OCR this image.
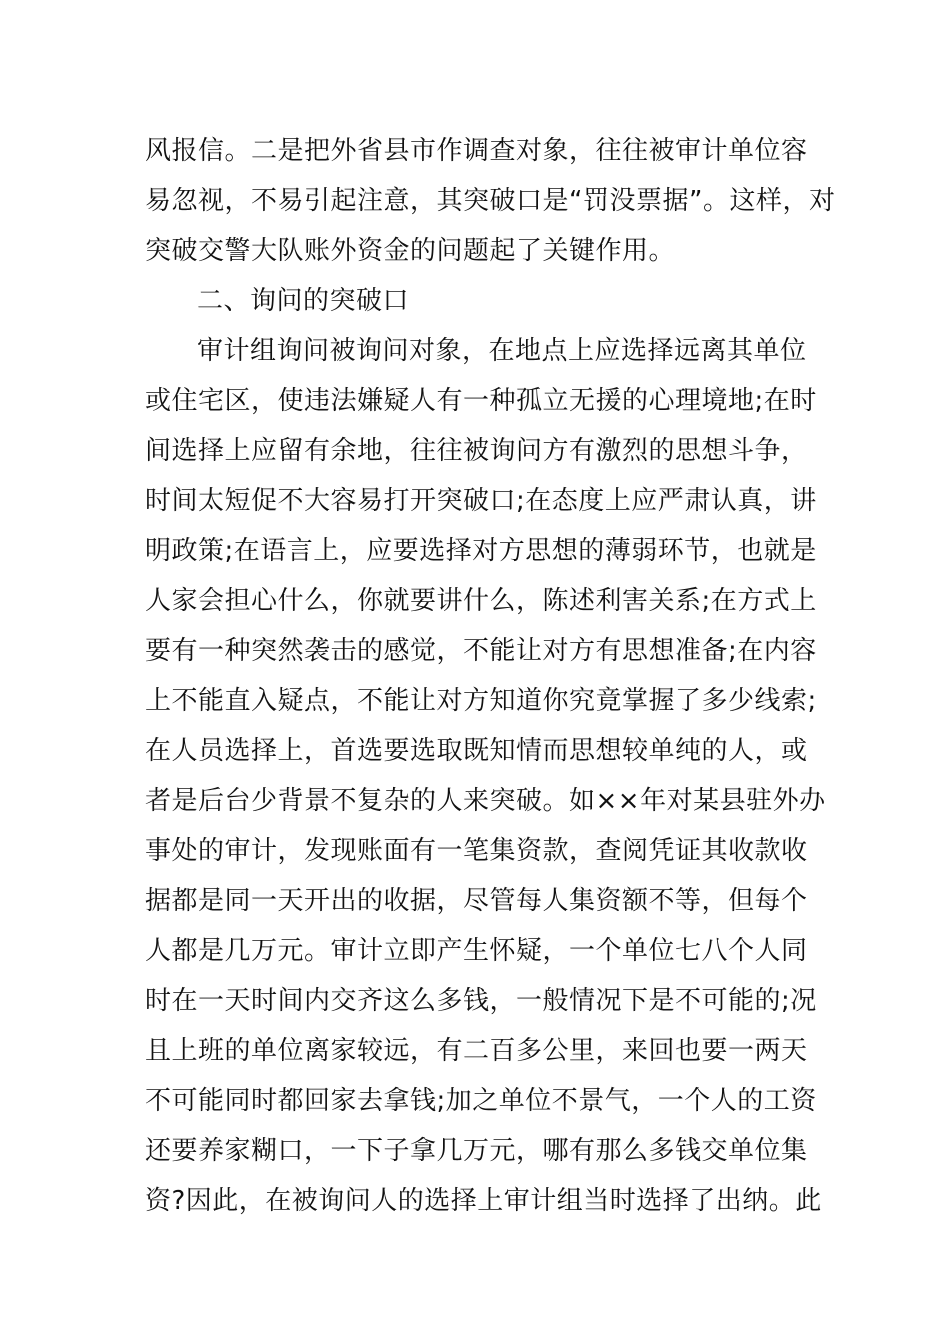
风报信。二是把外省县市作调查对象，往往被审计单位容
易忽视，不易引起注意，其突破口是“罚没票据”。这样，对
突破交警大队账外资金的问题起了关键作用。
二、询问的突破口
审计组询问被询问对象，在地点上应选择远离其单位
或住宅区，使违法嫌疑人有一种孤立无援的心理境地;在时
间选择上应留有余地，往往被询问方有激烈的思想斗争，
时间太短促不大容易打开突破口;在态度上应严肃认真，讲
明政策;在语言上，应要选择对方思想的薄弱环节，也就是
人家会担心什么，你就要讲什么，陈述利害关系;在方式上
要有一种突然袭击的感觉，不能让对方有思想准备;在内容
上不能直入疑点，不能让对方知道你究竟掌握了多少线索;
在人员选择上，首选要选取既知情而思想较单纯的人，或
者是后台少背景不复杂的人来突破。如××年对某县驻外办
事处的审计，发现账面有一笔集资款，查阅凭证其收款收
据都是同一天开出的收据，尽管每人集资额不等，但每个
人都是几万元。审计立即产生怀疑，一个单位七八个人同
时在一天时间内交齐这么多钱，一般情况下是不可能的;况
且上班的单位离家较远，有二百多公里，来回也要一两天
不可能同时都回家去拿钱;加之单位不景气，一个人的工资
还要养家糊口，一下子拿几万元，哪有那么多钱交单位集
资?因此，在被询问人的选择上审计组当时选择了出纳。此
